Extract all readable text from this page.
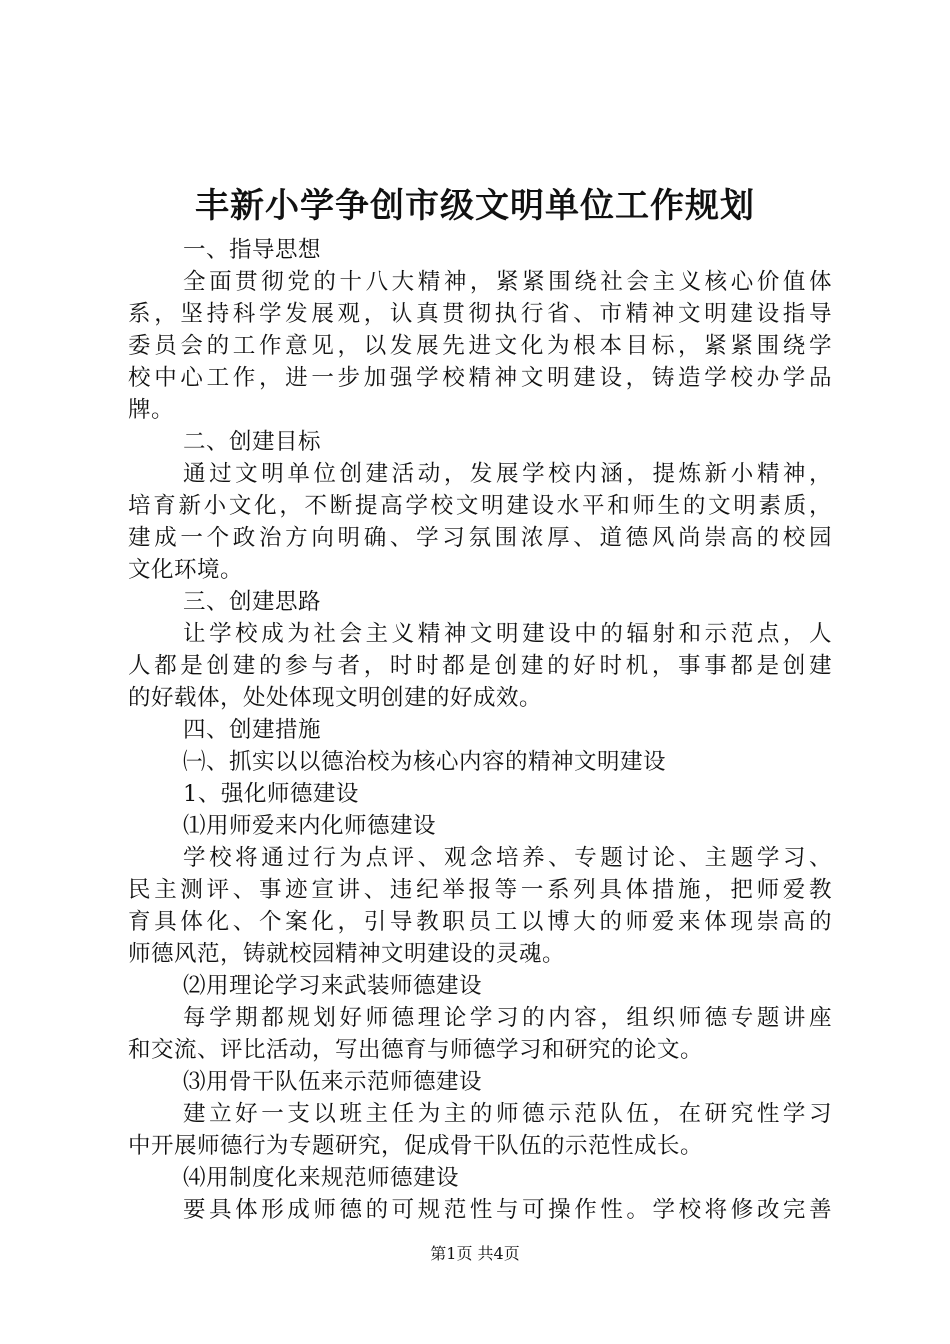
丰新小学争创市级文明单位工作规划
一、指导思想
全面贯彻党的十八大精神，紧紧围绕社会主义核心价值体
系，坚持科学发展观，认真贯彻执行省、市精神文明建设指导
委员会的工作意见，以发展先进文化为根本目标，紧紧围绕学
校中心工作，进一步加强学校精神文明建设，铸造学校办学品
牌。
二、创建目标
通过文明单位创建活动，发展学校内涵，提炼新小精神，
培育新小文化，不断提高学校文明建设水平和师生的文明素质，
建成一个政治方向明确、学习氛围浓厚、道德风尚崇高的校园
文化环境。
三、创建思路
让学校成为社会主义精神文明建设中的辐射和示范点，人
人都是创建的参与者，时时都是创建的好时机，事事都是创建
的好载体，处处体现文明创建的好成效。
四、创建措施
㈠、抓实以以德治校为核心内容的精神文明建设
1、强化师德建设
⑴用师爱来内化师德建设
学校将通过行为点评、观念培养、专题讨论、主题学习、
民主测评、事迹宣讲、违纪举报等一系列具体措施，把师爱教
育具体化、个案化，引导教职员工以博大的师爱来体现崇高的
师德风范，铸就校园精神文明建设的灵魂。
⑵用理论学习来武装师德建设
每学期都规划好师德理论学习的内容，组织师德专题讲座
和交流、评比活动，写出德育与师德学习和研究的论文。
⑶用骨干队伍来示范师德建设
建立好一支以班主任为主的师德示范队伍，在研究性学习
中开展师德行为专题研究，促成骨干队伍的示范性成长。
⑷用制度化来规范师德建设
要具体形成师德的可规范性与可操作性。学校将修改完善
第1页 共4页
